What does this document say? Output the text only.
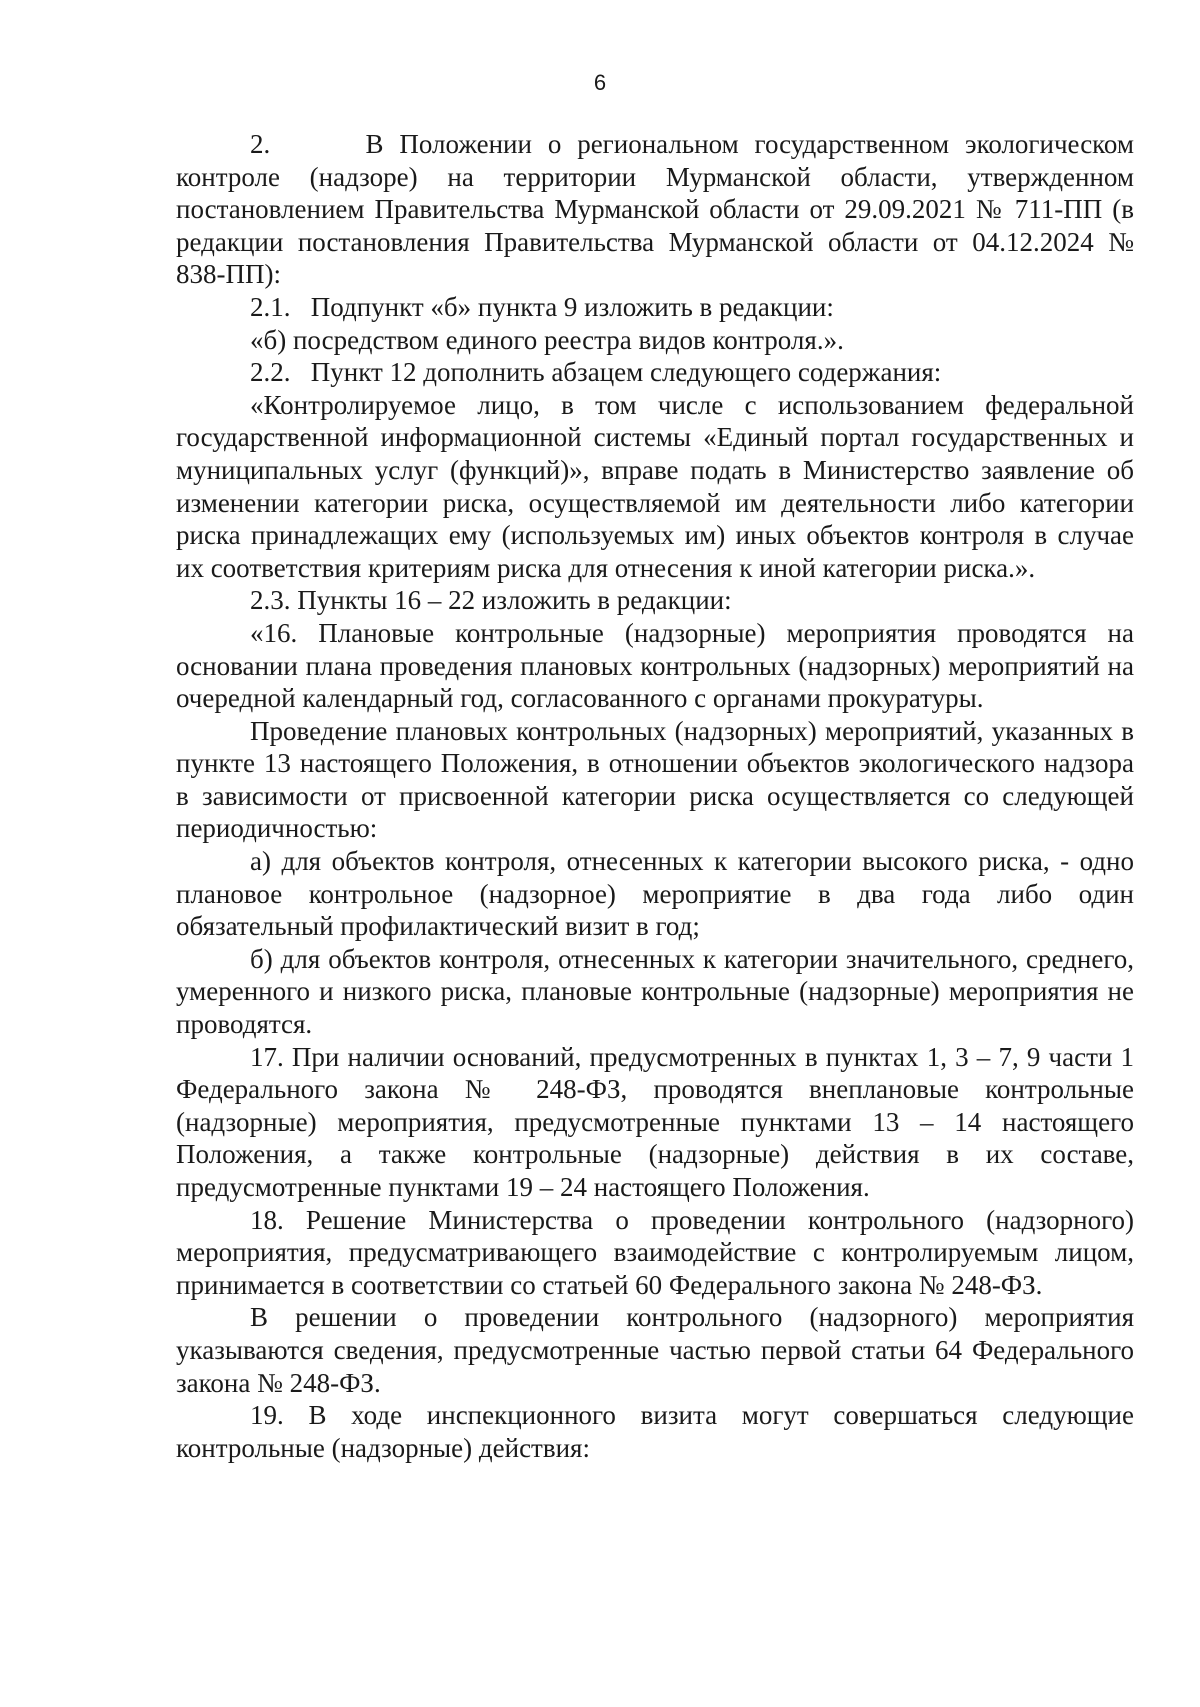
6

2.      В Положении о региональном государственном экологическом контроле (надзоре) на территории Мурманской области, утвержденном постановлением Правительства Мурманской области от 29.09.2021 № 711-ПП (в редакции постановления Правительства Мурманской области от 04.12.2024 № 838-ПП):

2.1.   Подпункт «б» пункта 9 изложить в редакции:

«б) посредством единого реестра видов контроля.».

2.2.   Пункт 12 дополнить абзацем следующего содержания:

«Контролируемое лицо, в том числе с использованием федеральной государственной информационной системы «Единый портал государственных и муниципальных услуг (функций)», вправе подать в Министерство заявление об изменении категории риска, осуществляемой им деятельности либо категории риска принадлежащих ему (используемых им) иных объектов контроля в случае их соответствия критериям риска для отнесения к иной категории риска.».

2.3. Пункты 16 – 22 изложить в редакции:

«16. Плановые контрольные (надзорные) мероприятия проводятся на основании плана проведения плановых контрольных (надзорных) мероприятий на очередной календарный год, согласованного с органами прокуратуры.

Проведение плановых контрольных (надзорных) мероприятий, указанных в пункте 13 настоящего Положения, в отношении объектов экологического надзора в зависимости от присвоенной категории риска осуществляется со следующей периодичностью:

а) для объектов контроля, отнесенных к категории высокого риска, - одно плановое контрольное (надзорное) мероприятие в два года либо один обязательный профилактический визит в год;

б) для объектов контроля, отнесенных к категории значительного, среднего, умеренного и низкого риска, плановые контрольные (надзорные) мероприятия не проводятся.

17. При наличии оснований, предусмотренных в пунктах 1, 3 – 7, 9 части 1 Федерального закона № 248-ФЗ, проводятся внеплановые контрольные (надзорные) мероприятия, предусмотренные пунктами 13 – 14 настоящего Положения, а также контрольные (надзорные) действия в их составе, предусмотренные пунктами 19 – 24 настоящего Положения.

18. Решение Министерства о проведении контрольного (надзорного) мероприятия, предусматривающего взаимодействие с контролируемым лицом, принимается в соответствии со статьей 60 Федерального закона № 248-ФЗ.

В решении о проведении контрольного (надзорного) мероприятия указываются сведения, предусмотренные частью первой статьи 64 Федерального закона № 248-ФЗ.

19. В ходе инспекционного визита могут совершаться следующие контрольные (надзорные) действия:
